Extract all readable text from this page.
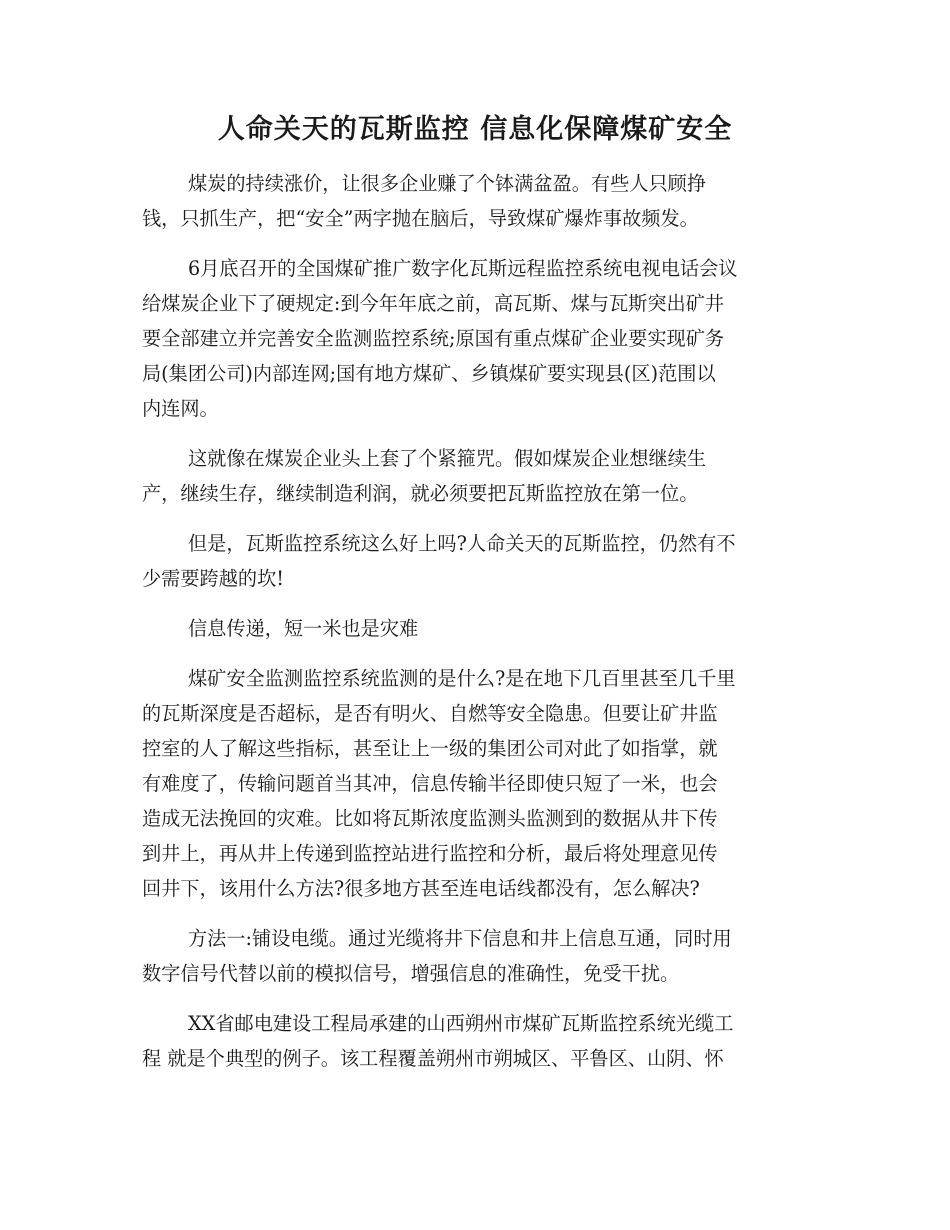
人命关天的瓦斯监控 信息化保障煤矿安全

煤炭的持续涨价，让很多企业赚了个钵满盆盈。有些人只顾挣
钱，只抓生产，把“安全”两字抛在脑后，导致煤矿爆炸事故频发。

6月底召开的全国煤矿推广数字化瓦斯远程监控系统电视电话会议
给煤炭企业下了硬规定:到今年年底之前，高瓦斯、煤与瓦斯突出矿井
要全部建立并完善安全监测监控系统;原国有重点煤矿企业要实现矿务
局(集团公司)内部连网;国有地方煤矿、乡镇煤矿要实现县(区)范围以
内连网。

这就像在煤炭企业头上套了个紧箍咒。假如煤炭企业想继续生
产，继续生存，继续制造利润，就必须要把瓦斯监控放在第一位。

但是，瓦斯监控系统这么好上吗?人命关天的瓦斯监控，仍然有不
少需要跨越的坎!

信息传递，短一米也是灾难

煤矿安全监测监控系统监测的是什么?是在地下几百里甚至几千里
的瓦斯深度是否超标，是否有明火、自燃等安全隐患。但要让矿井监
控室的人了解这些指标，甚至让上一级的集团公司对此了如指掌，就
有难度了，传输问题首当其冲，信息传输半径即使只短了一米，也会
造成无法挽回的灾难。比如将瓦斯浓度监测头监测到的数据从井下传
到井上，再从井上传递到监控站进行监控和分析，最后将处理意见传
回井下，该用什么方法?很多地方甚至连电话线都没有，怎么解决?

方法一:铺设电缆。通过光缆将井下信息和井上信息互通，同时用
数字信号代替以前的模拟信号，增强信息的准确性，免受干扰。

XX省邮电建设工程局承建的山西朔州市煤矿瓦斯监控系统光缆工
程 就是个典型的例子。该工程覆盖朔州市朔城区、平鲁区、山阴、怀
